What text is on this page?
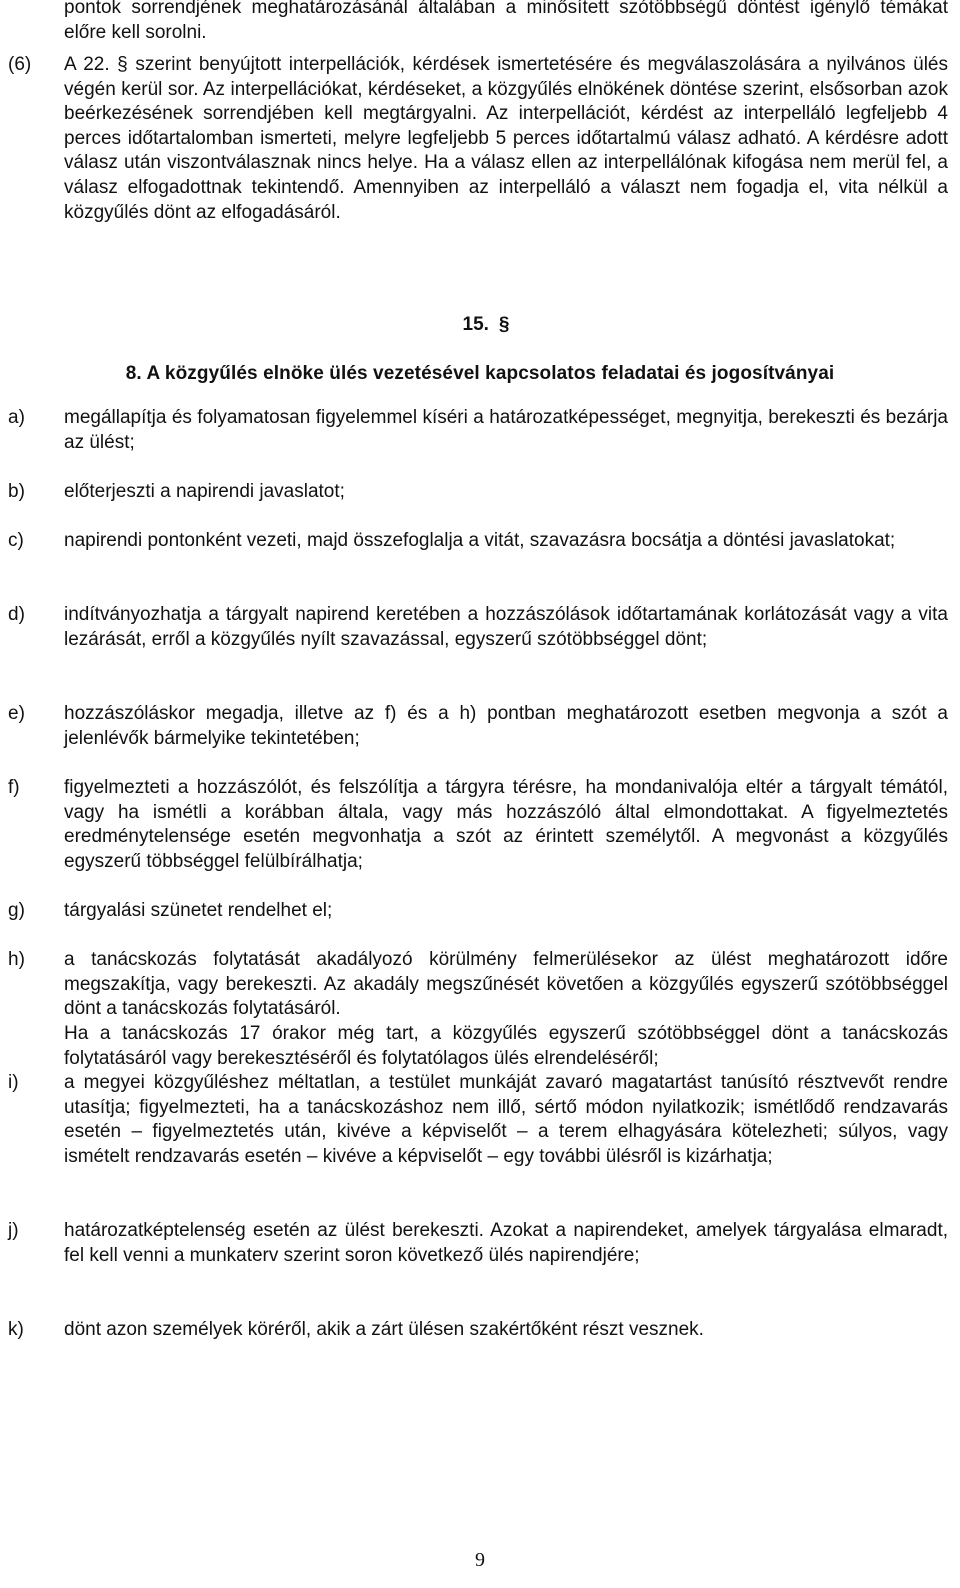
pontok sorrendjének meghatározásánál általában a minősített szótöbbségű döntést igénylő témákat előre kell sorolni.

(6) A 22. § szerint benyújtott interpellációk, kérdések ismertetésére és megválaszolására a nyilvános ülés végén kerül sor. Az interpellációkat, kérdéseket, a közgyűlés elnökének döntése szerint, elsősorban azok beérkezésének sorrendjében kell megtárgyalni. Az interpellációt, kérdést az interpelláló legfeljebb 4 perces időtartalomban ismerteti, melyre legfeljebb 5 perces időtartalmú válasz adható. A kérdésre adott válasz után viszontválasznak nincs helye. Ha a válasz ellen az interpellálónak kifogása nem merül fel, a válasz elfogadottnak tekintendő. Amennyiben az interpelláló a választ nem fogadja el, vita nélkül a közgyűlés dönt az elfogadásáról.

15. §
8. A közgyűlés elnöke ülés vezetésével kapcsolatos feladatai és jogosítványai
a) megállapítja és folyamatosan figyelemmel kíséri a határozatképességet, megnyitja, berekeszti és bezárja az ülést;

b) előterjeszti a napirendi javaslatot;

c) napirendi pontonként vezeti, majd összefoglalja a vitát, szavazásra bocsátja a döntési javaslatokat;

d) indítványozhatja a tárgyalt napirend keretében a hozzászólások időtartamának korlátozását vagy a vita lezárását, erről a közgyűlés nyílt szavazással, egyszerű szótöbbséggel dönt;

e) hozzászóláskor megadja, illetve az f) és a h) pontban meghatározott esetben megvonja a szót a jelenlévők bármelyike tekintetében;

f) figyelmezteti a hozzászólót, és felszólítja a tárgyra térésre, ha mondanivalója eltér a tárgyalt témától, vagy ha ismétli a korábban általa, vagy más hozzászóló által elmondottakat. A figyelmeztetés eredménytelensége esetén megvonhatja a szót az érintett személytől. A megvonást a közgyűlés egyszerű többséggel felülbírálhatja;

g) tárgyalási szünetet rendelhet el;

h) a tanácskozás folytatását akadályozó körülmény felmerülésekor az ülést meghatározott időre megszakítja, vagy berekeszti. Az akadály megszűnését követően a közgyűlés egyszerű szótöbbséggel dönt a tanácskozás folytatásáról.

Ha a tanácskozás 17 órakor még tart, a közgyűlés egyszerű szótöbbséggel dönt a tanácskozás folytatásáról vagy berekesztéséről és folytatólagos ülés elrendeléséről;

i) a megyei közgyűléshez méltatlan, a testület munkáját zavaró magatartást tanúsító résztvevőt rendre utasítja; figyelmezteti, ha a tanácskozáshoz nem illő, sértő módon nyilatkozik; ismétlődő rendzavarás esetén – figyelmeztetés után, kivéve a képviselőt – a terem elhagyására kötelezheti; súlyos, vagy ismételt rendzavarás esetén – kivéve a képviselőt – egy további ülésről is kizárhatja;

j) határozatképtelenség esetén az ülést berekeszti. Azokat a napirendeket, amelyek tárgyalása elmaradt, fel kell venni a munkaterv szerint soron következő ülés napirendjére;

k) dönt azon személyek köréről, akik a zárt ülésen szakértőként részt vesznek.

9
